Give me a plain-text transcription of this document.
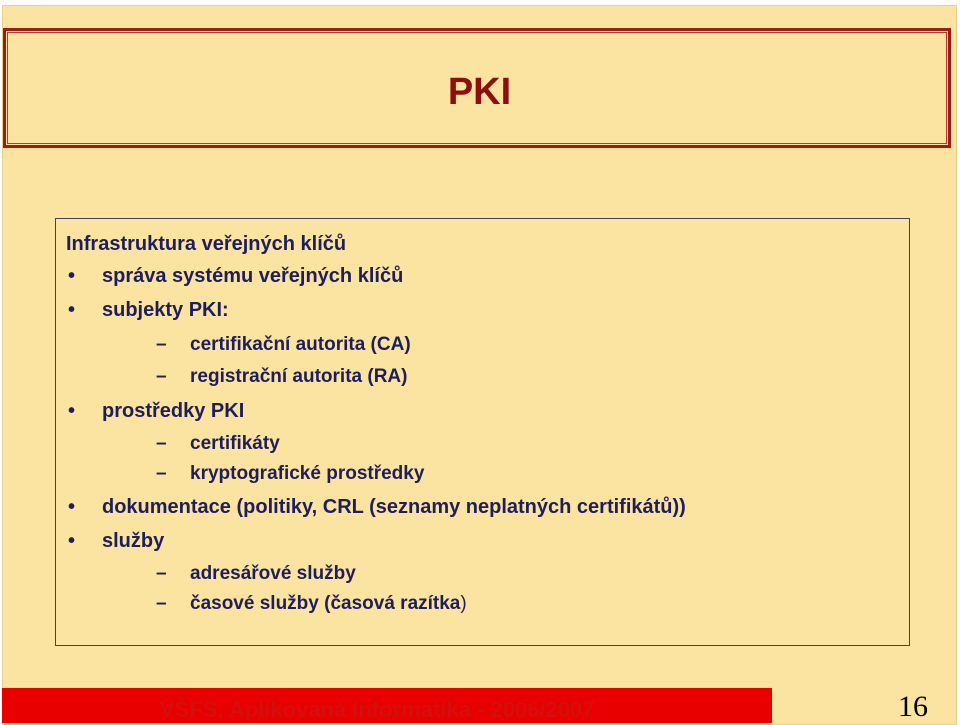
PKI
Infrastruktura veřejných klíčů
• správa systému veřejných klíčů
• subjekty PKI:
– certifikační autorita (CA)
– registrační autorita (RA)
• prostředky PKI
– certifikáty
– kryptografické prostředky
• dokumentace (politiky, CRL (seznamy neplatných certifikátů))
• služby
– adresářové služby
– časové služby (časová razítka)
VŠFS, Aplikovaná informatika - 2006/2007	16
